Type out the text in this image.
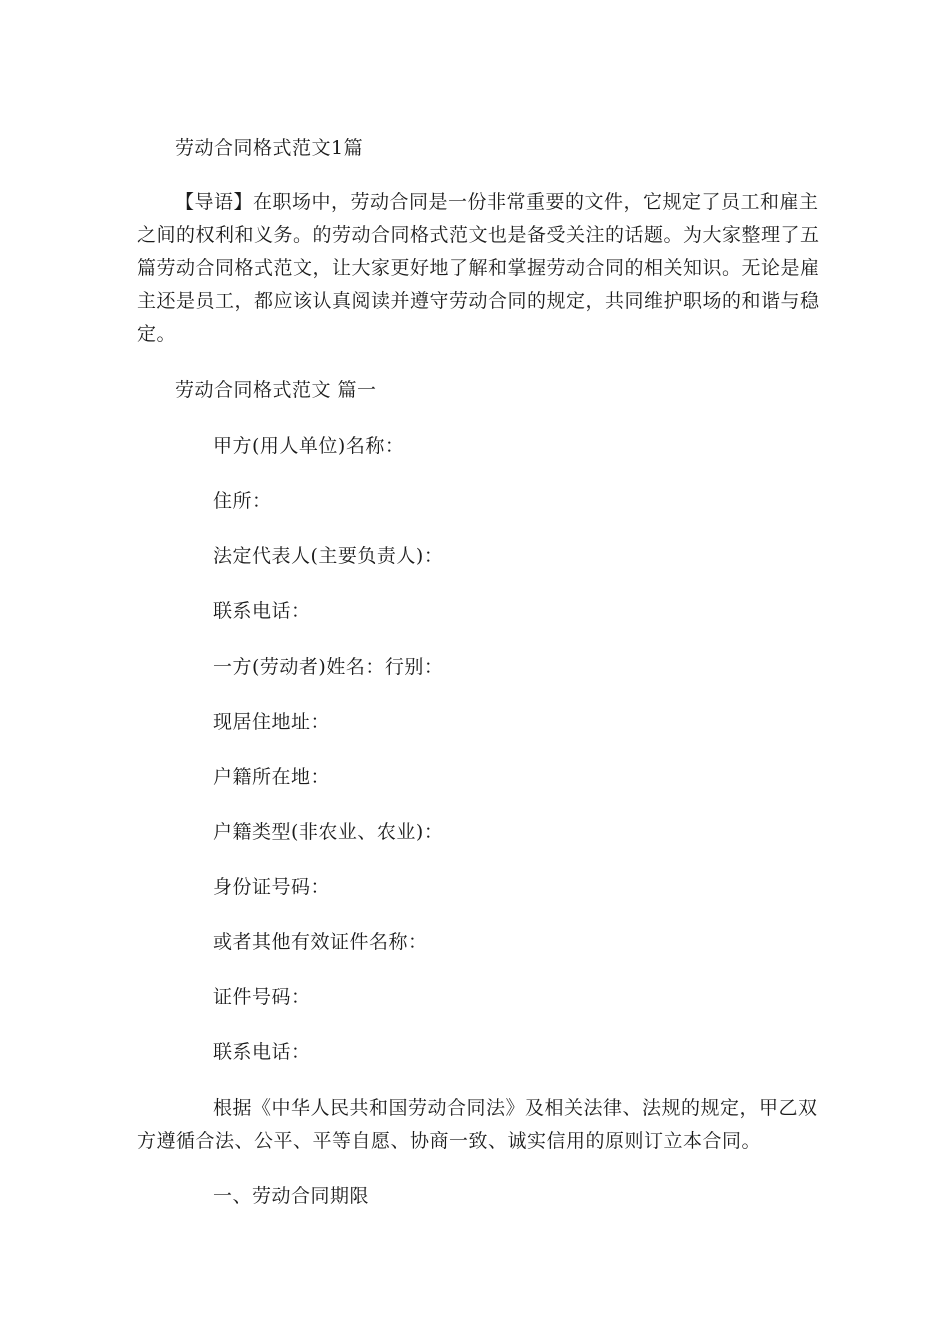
劳动合同格式范文1篇
【导语】在职场中，劳动合同是一份非常重要的文件，它规定了员工和雇主
之间的权利和义务。的劳动合同格式范文也是备受关注的话题。为大家整理了五
篇劳动合同格式范文，让大家更好地了解和掌握劳动合同的相关知识。无论是雇
主还是员工，都应该认真阅读并遵守劳动合同的规定，共同维护职场的和谐与稳
定。
劳动合同格式范文 篇一
甲方(用人单位)名称：
住所：
法定代表人(主要负责人)：
联系电话：
一方(劳动者)姓名：行别：
现居住地址：
户籍所在地：
户籍类型(非农业、农业)：
身份证号码：
或者其他有效证件名称：
证件号码：
联系电话：
根据《中华人民共和国劳动合同法》及相关法律、法规的规定，甲乙双
方遵循合法、公平、平等自愿、协商一致、诚实信用的原则订立本合同。
一、劳动合同期限
